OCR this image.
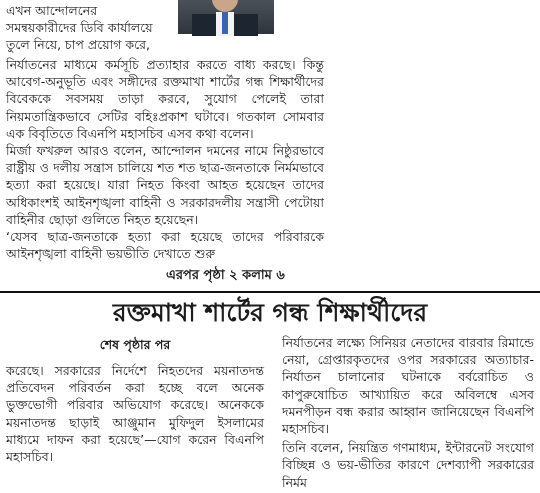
এখন আন্দোলনের
সমন্বয়কারীদের ডিবি কার্যালয়ে
তুলে নিয়ে, চাপ প্রয়োগ করে,

নির্যাতনের মাধ্যমে কর্মসূচি প্রত্যাহার করতে বাধ্য করছে। কিন্তু আবেগ-অনুভূতি এবং সঙ্গীদের রক্তমাখা শার্টের গন্ধ শিক্ষার্থীদের বিবেককে সবসময় তাড়া করবে, সুযোগ পেলেই তারা নিয়মতান্ত্রিকভাবে সেটির বহিঃপ্রকাশ ঘটাবে। গতকাল সোমবার এক বিবৃতিতে বিএনপি মহাসচিব এসব কথা বলেন।

মির্জা ফখরুল আরও বলেন, আন্দোলন দমনের নামে নিষ্ঠুরভাবে রাষ্ট্রীয় ও দলীয় সন্ত্রাস চালিয়ে শত শত ছাত্র-জনতাকে নির্মমভাবে হত্যা করা হয়েছে। যারা নিহত কিংবা আহত হয়েছেন তাদের অধিকাংশই আইনশৃঙ্খলা বাহিনী ও সরকারদলীয় সন্ত্রাসী পেটোয়া বাহিনীর ছোড়া গুলিতে নিহত হয়েছেন।

‘যেসব ছাত্র-জনতাকে হত্যা করা হয়েছে তাদের পরিবারকে আইনশৃঙ্খলা বাহিনী ভয়ভীতি দেখাতে শুরু

এরপর পৃষ্ঠা ২ কলাম ৬
রক্তমাখা শার্টের গন্ধ শিক্ষার্থীদের
শেষ পৃষ্ঠার পর
করেছে। সরকারের নির্দেশে নিহতদের ময়নাতদন্ত প্রতিবেদন পরিবর্তন করা হচ্ছে বলে অনেক ভুক্তভোগী পরিবার অভিযোগ করেছে। অনেককে ময়নাতদন্ত ছাড়াই আঞ্জুমান মুফিদুল ইসলামের মাধ্যমে দাফন করা হয়েছে’—যোগ করেন বিএনপি মহাসচিব।

নির্যাতনের লক্ষ্যে সিনিয়র নেতাদের বারবার রিমান্ডে নেয়া, গ্রেপ্তারকৃতদের ওপর সরকারের অত্যাচার-নির্যাতন চালানোর ঘটনাকে বর্বরোচিত ও কাপুরুষোচিত আখ্যায়িত করে অবিলম্বে এসব দমনপীড়ন বন্ধ করার আহ্বান জানিয়েছেন বিএনপি মহাসচিব।

তিনি বলেন, নিয়ন্ত্রিত গণমাধ্যম, ইন্টারনেট সংযোগ বিচ্ছিন্ন ও ভয়-ভীতির কারণে দেশব্যাপী সরকারের নির্মম
